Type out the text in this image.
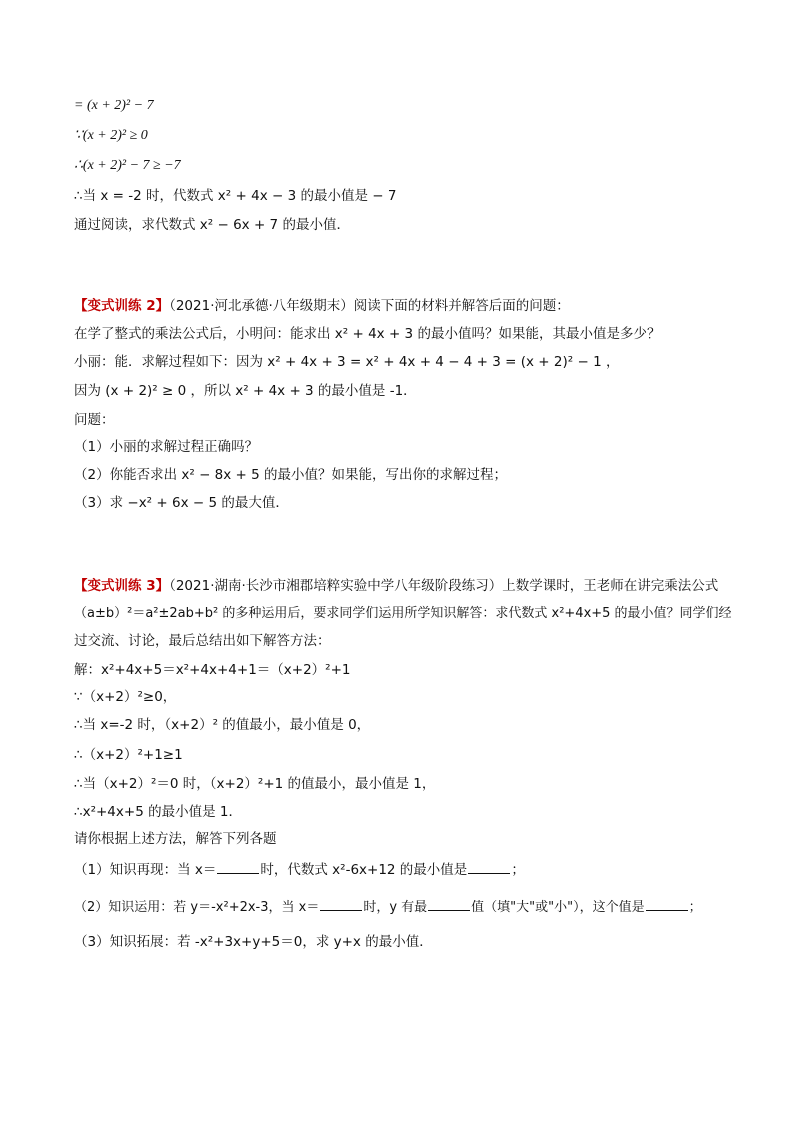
= (x + 2)² − 7
∵(x + 2)² ≥ 0
∴(x + 2)² − 7 ≥ −7
∴当 x = -2 时，代数式 x² + 4x − 3 的最小值是 − 7
通过阅读，求代数式 x² − 6x + 7 的最小值．
【变式训练 2】（2021·河北承德·八年级期末）阅读下面的材料并解答后面的问题：
在学了整式的乘法公式后，小明问：能求出 x² + 4x + 3 的最小值吗？如果能，其最小值是多少？
小丽：能．求解过程如下：因为 x² + 4x + 3 = x² + 4x + 4 − 4 + 3 = (x + 2)² − 1 ，
因为 (x + 2)² ≥ 0 ，所以 x² + 4x + 3 的最小值是 -1．
问题：
（1）小丽的求解过程正确吗？
（2）你能否求出 x² − 8x + 5 的最小值？如果能，写出你的求解过程；
（3）求 −x² + 6x − 5 的最大值．
【变式训练 3】（2021·湖南·长沙市湘郡培粹实验中学八年级阶段练习）上数学课时，王老师在讲完乘法公式
（a±b）²＝a²±2ab+b² 的多种运用后，要求同学们运用所学知识解答：求代数式 x²+4x+5 的最小值？同学们经
过交流、讨论，最后总结出如下解答方法：
解：x²+4x+5＝x²+4x+4+1＝（x+2）²+1
∵（x+2）²≥0，
∴当 x=-2 时，（x+2）² 的值最小，最小值是 0，
∴（x+2）²+1≥1
∴当（x+2）²＝0 时，（x+2）²+1 的值最小，最小值是 1，
∴x²+4x+5 的最小值是 1．
请你根据上述方法，解答下列各题
（1）知识再现：当 x＝	时，代数式 x²-6x+12 的最小值是	；
（2）知识运用：若 y＝-x²+2x-3，当 x＝	时，y 有最	值（填"大"或"小"），这个值是	；
（3）知识拓展：若 -x²+3x+y+5＝0，求 y+x 的最小值．
